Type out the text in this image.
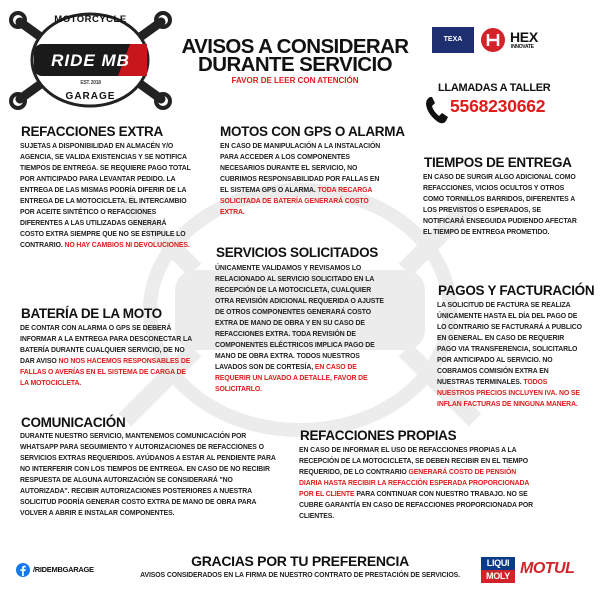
MOTORCYCLE
RIDE MB
EST. 2018
GARAGE
AVISOS A CONSIDERAR
DURANTE SERVICIO
FAVOR DE LEER CON ATENCIÓN
TEXA	HEX
INNOVATE
LLAMADAS A TALLER
5568230662
REFACCIONES EXTRA
SUJETAS A DISPONIBILIDAD EN ALMACÉN Y/O AGENCIA, SE VALIDA EXISTENCIAS Y SE NOTIFICA TIEMPOS DE ENTREGA. SE REQUIERE PAGO TOTAL POR ANTICIPADO PARA LEVANTAR PEDIDO. LA ENTREGA DE LAS MISMAS PODRÍA DIFERIR DE LA ENTREGA DE LA MOTOCICLETA. EL INTERCAMBIO POR ACEITE SINTÉTICO O REFACCIONES DIFERENTES A LAS UTILIZADAS GENERARÁ COSTO EXTRA SIEMPRE QUE NO SE ESTIPULE LO CONTRARIO. NO HAY CAMBIOS NI DEVOLUCIONES.
MOTOS CON GPS O ALARMA
EN CASO DE MANIPULACIÓN A LA INSTALACIÓN PARA ACCEDER A LOS COMPONENTES NECESARIOS DURANTE EL SERVICIO, NO CUBRIMOS RESPONSABILIDAD POR FALLAS EN EL SISTEMA GPS O ALARMA. TODA RECARGA SOLICITADA DE BATERÍA GENERARÁ COSTO EXTRA.
TIEMPOS DE ENTREGA
EN CASO DE SURGIR ALGO ADICIONAL COMO REFACCIONES, VICIOS OCULTOS Y OTROS COMO TORNILLOS BARRIDOS, DIFERENTES A LOS PREVISTOS O ESPERADOS, SE NOTIFICARÁ ENSEGUIDA PUDIENDO AFECTAR EL TIEMPO DE ENTREGA PROMETIDO.
SERVICIOS SOLICITADOS
ÚNICAMENTE VALIDAMOS Y REVISAMOS LO RELACIONADO AL SERVICIO SOLICITADO EN LA RECEPCIÓN DE LA MOTOCICLETA, CUALQUIER OTRA REVISIÓN ADICIONAL REQUERIDA O AJUSTE DE OTROS COMPONENTES GENERARÁ COSTO EXTRA DE MANO DE OBRA Y EN SU CASO DE REFACCIONES EXTRA. TODA REVISIÓN DE COMPONENTES ELÉCTRICOS IMPLICA PAGO DE MANO DE OBRA EXTRA. TODOS NUESTROS LAVADOS SON DE CORTESÍA, EN CASO DE REQUERIR UN LAVADO A DETALLE, FAVOR DE SOLICITARLO.
PAGOS Y FACTURACIÓN
LA SOLICITUD DE FACTURA SE REALIZA ÚNICAMENTE HASTA EL DÍA DEL PAGO DE LO CONTRARIO SE FACTURARÁ A PUBLICO EN GENERAL. EN CASO DE REQUERIR PAGO VIA TRANSFERENCIA, SOLICITARLO POR ANTICIPADO AL SERVICIO. NO COBRAMOS COMISIÓN EXTRA EN NUESTRAS TERMINALES. TODOS NUESTROS PRECIOS INCLUYEN IVA. NO SE INFLAN FACTURAS DE NINGUNA MANERA.
BATERÍA DE LA MOTO
DE CONTAR CON ALARMA O GPS SE DEBERÁ INFORMAR A LA ENTREGA PARA DESCONECTAR LA BATERÍA DURANTE CUALQUIER SERVICIO, DE NO DAR AVISO NO NOS HACEMOS RESPONSABLES DE FALLAS O AVERÍAS EN EL SISTEMA DE CARGA DE LA MOTOCICLETA.
COMUNICACIÓN
DURANTE NUESTRO SERVICIO, MANTENEMOS COMUNICACIÓN POR WHATSAPP PARA SEGUIMIENTO Y AUTORIZACIONES DE REFACCIONES O SERVICIOS EXTRAS REQUERIDOS. AYÚDANOS A ESTAR AL PENDIENTE PARA NO INTERFERIR CON LOS TIEMPOS DE ENTREGA. EN CASO DE NO RECIBIR RESPUESTA DE ALGUNA AUTORIZACIÓN SE CONSIDERARÁ "NO AUTORIZADA". RECIBIR AUTORIZACIONES POSTERIORES A NUESTRA SOLICITUD PODRÍA GENERAR COSTO EXTRA DE MANO DE OBRA PARA VOLVER A ABRIR E INSTALAR COMPONENTES.
REFACCIONES PROPIAS
EN CASO DE INFORMAR EL USO DE REFACCIONES PROPIAS A LA RECEPCIÓN DE LA MOTOCICLETA, SE DEBEN RECIBIR EN EL TIEMPO REQUERIDO, DE LO CONTRARIO GENERARÁ COSTO DE PENSIÓN DIARIA HASTA RECIBIR LA REFACCIÓN ESPERADA PROPORCIONADA POR EL CLIENTE PARA CONTINUAR CON NUESTRO TRABAJO. NO SE CUBRE GARANTÍA EN CASO DE REFACCIONES PROPORCIONADA POR CLIENTES.
GRACIAS POR TU PREFERENCIA
AVISOS CONSIDERADOS EN LA FIRMA DE NUESTRO CONTRATO DE PRESTACIÓN DE SERVICIOS.
/RIDEMBGARAGE
LIQUI
MOLY MOTUL
